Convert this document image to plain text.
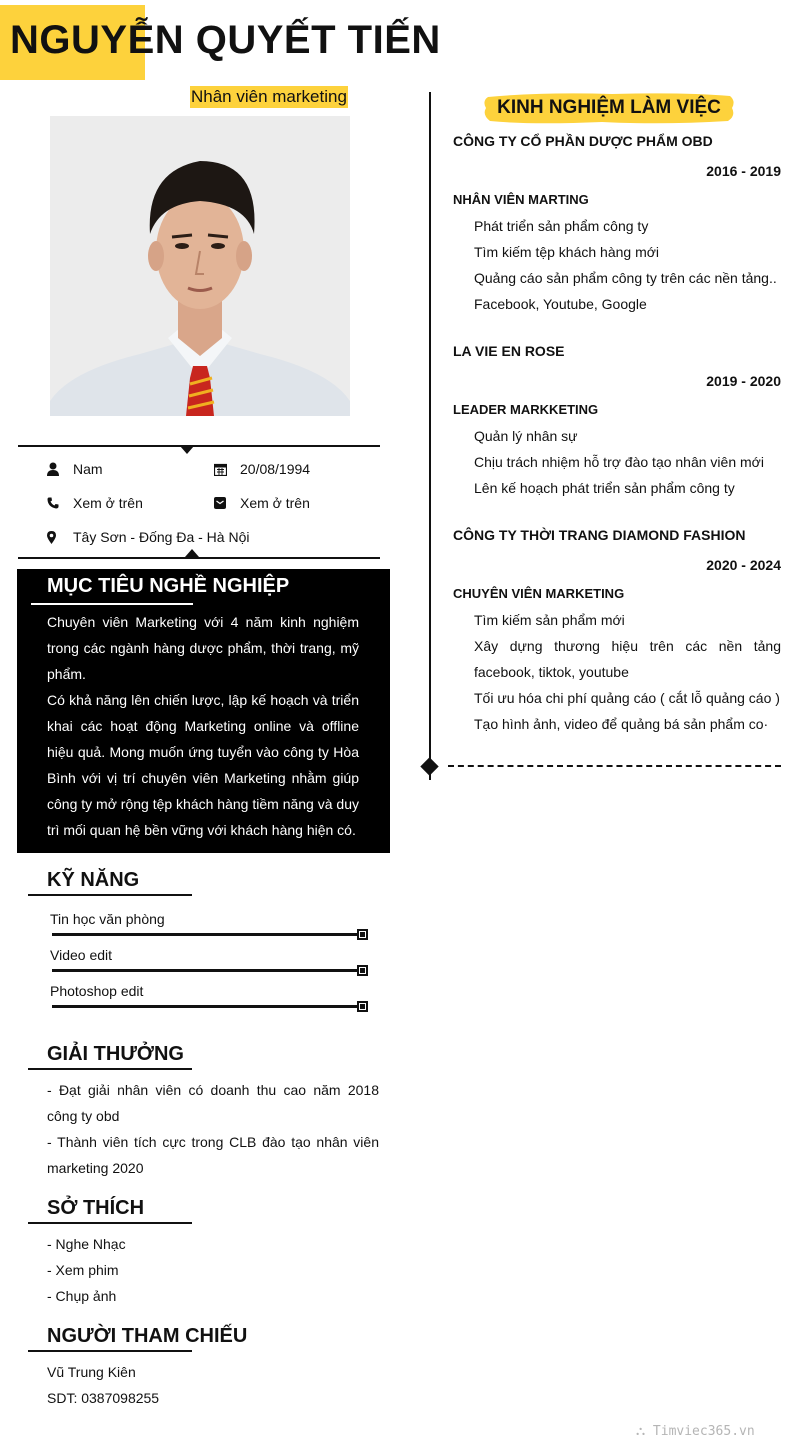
NGUYỄN QUYẾT TIẾN
Nhân viên marketing
Nam	20/08/1994
Xem ở trên	Xem ở trên
Tây Sơn - Đống Đa - Hà Nội
MỤC TIÊU NGHỀ NGHIỆP
Chuyên viên Marketing với 4 năm kinh nghiệm trong các ngành hàng dược phẩm, thời trang, mỹ phẩm.
Có khả năng lên chiến lược, lập kế hoạch và triển khai các hoạt động Marketing online và offline hiệu quả. Mong muốn ứng tuyển vào công ty Hòa Bình với vị trí chuyên viên Marketing nhằm giúp công ty mở rộng tệp khách hàng tiềm năng và duy trì mối quan hệ bền vững với khách hàng hiện có.
KỸ NĂNG
Tin học văn phòng
Video edit
Photoshop edit
GIẢI THƯỞNG
- Đạt giải nhân viên có doanh thu cao năm 2018 công ty obd
- Thành viên tích cực trong CLB đào tạo nhân viên marketing 2020
SỞ THÍCH
- Nghe Nhạc
- Xem phim
- Chụp ảnh
NGƯỜI THAM CHIẾU
Vũ Trung Kiên
SDT: 0387098255
KINH NGHIỆM LÀM VIỆC
CÔNG TY CỔ PHẦN DƯỢC PHẨM OBD
2016 - 2019
NHÂN VIÊN MARTING
Phát triển sản phẩm công ty
Tìm kiếm tệp khách hàng mới
Quảng cáo sản phẩm công ty trên các nền tảng..
Facebook, Youtube, Google
LA VIE EN ROSE
2019 - 2020
LEADER MARKKETING
Quản lý nhân sự
Chịu trách nhiệm hỗ trợ đào tạo nhân viên mới
Lên kế hoạch phát triển sản phẩm công ty
CÔNG TY THỜI TRANG DIAMOND FASHION
2020 - 2024
CHUYÊN VIÊN MARKETING
Tìm kiếm sản phẩm mới
Xây dựng thương hiệu trên các nền tảng facebook, tiktok, youtube
Tối ưu hóa chi phí quảng cáo ( cắt lỗ quảng cáo )
Tạo hình ảnh, video để quảng bá sản phẩm co·
⛬ Timviec365.vn
